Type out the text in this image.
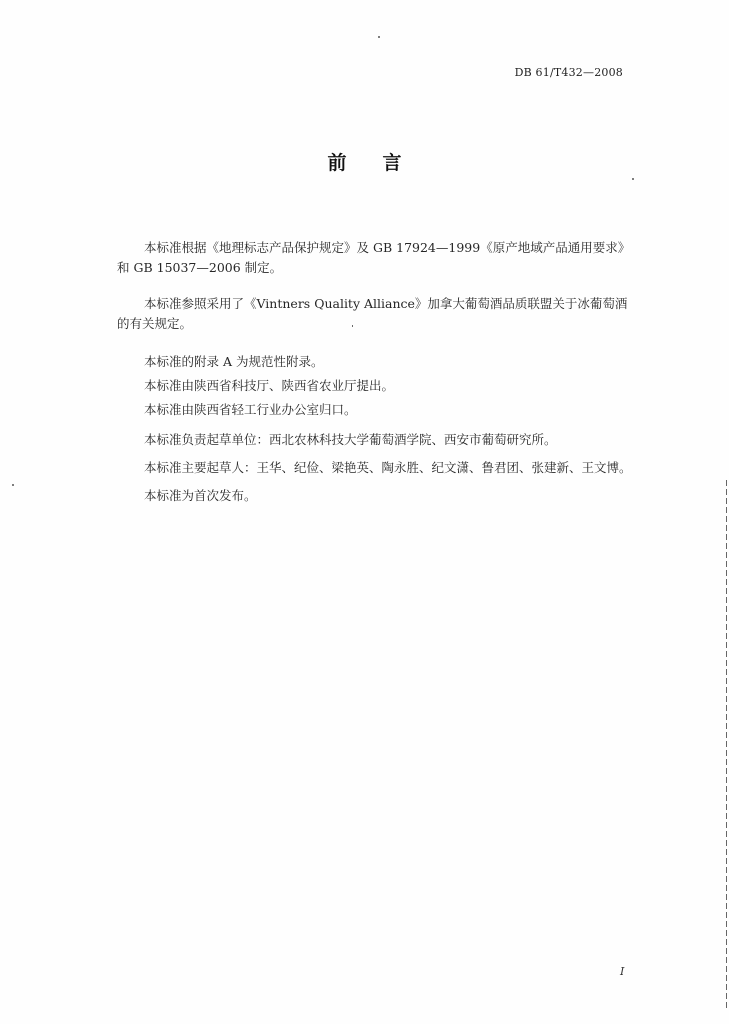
DB 61/T432—2008
前 言
本标准根据《地理标志产品保护规定》及 GB 17924—1999《原产地域产品通用要求》和 GB 15037—2006 制定。
本标准参照采用了《Vintners Quality Alliance》加拿大葡萄酒品质联盟关于冰葡萄酒的有关规定。
本标准的附录 A 为规范性附录。
本标准由陕西省科技厅、陕西省农业厅提出。
本标准由陕西省轻工行业办公室归口。
本标准负责起草单位：西北农林科技大学葡萄酒学院、西安市葡萄研究所。
本标准主要起草人：王华、纪俭、梁艳英、陶永胜、纪文潇、鲁君团、张建新、王文博。
本标准为首次发布。
I
